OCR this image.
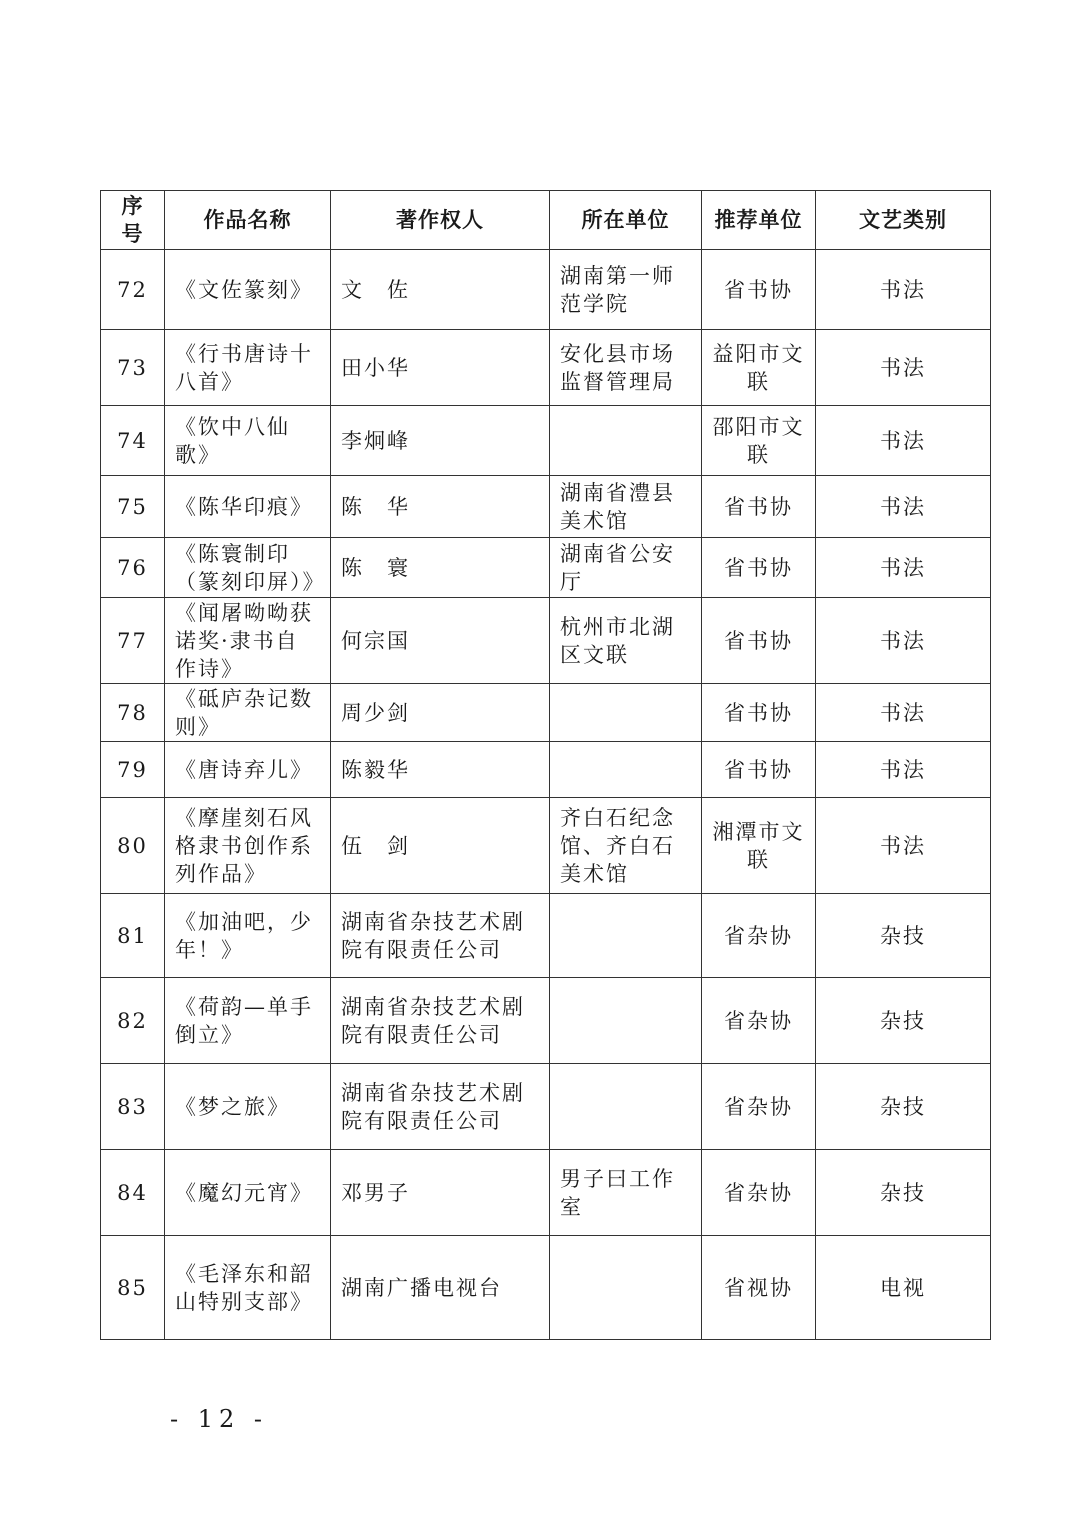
序号	作品名称	著作权人	所在单位	推荐单位	文艺类别
72	《文佐篆刻》	文　佐	湖南第一师范学院	省书协	书法
73	《行书唐诗十八首》	田小华	安化县市场监督管理局	益阳市文联	书法
74	《饮中八仙歌》	李炯峰		邵阳市文联	书法
75	《陈华印痕》	陈　华	湖南省澧县美术馆	省书协	书法
76	《陈寰制印（篆刻印屏）》	陈　寰	湖南省公安厅	省书协	书法
77	《闻屠呦呦获诺奖·隶书自作诗》	何宗国	杭州市北湖区文联	省书协	书法
78	《砥庐杂记数则》	周少剑		省书协	书法
79	《唐诗弃儿》	陈毅华		省书协	书法
80	《摩崖刻石风格隶书创作系列作品》	伍　剑	齐白石纪念馆、齐白石美术馆	湘潭市文联	书法
81	《加油吧，少年！》	湖南省杂技艺术剧院有限责任公司		省杂协	杂技
82	《荷韵—单手倒立》	湖南省杂技艺术剧院有限责任公司		省杂协	杂技
83	《梦之旅》	湖南省杂技艺术剧院有限责任公司		省杂协	杂技
84	《魔幻元宵》	邓男子	男子曰工作室	省杂协	杂技
85	《毛泽东和韶山特别支部》	湖南广播电视台		省视协	电视
- 12 -
